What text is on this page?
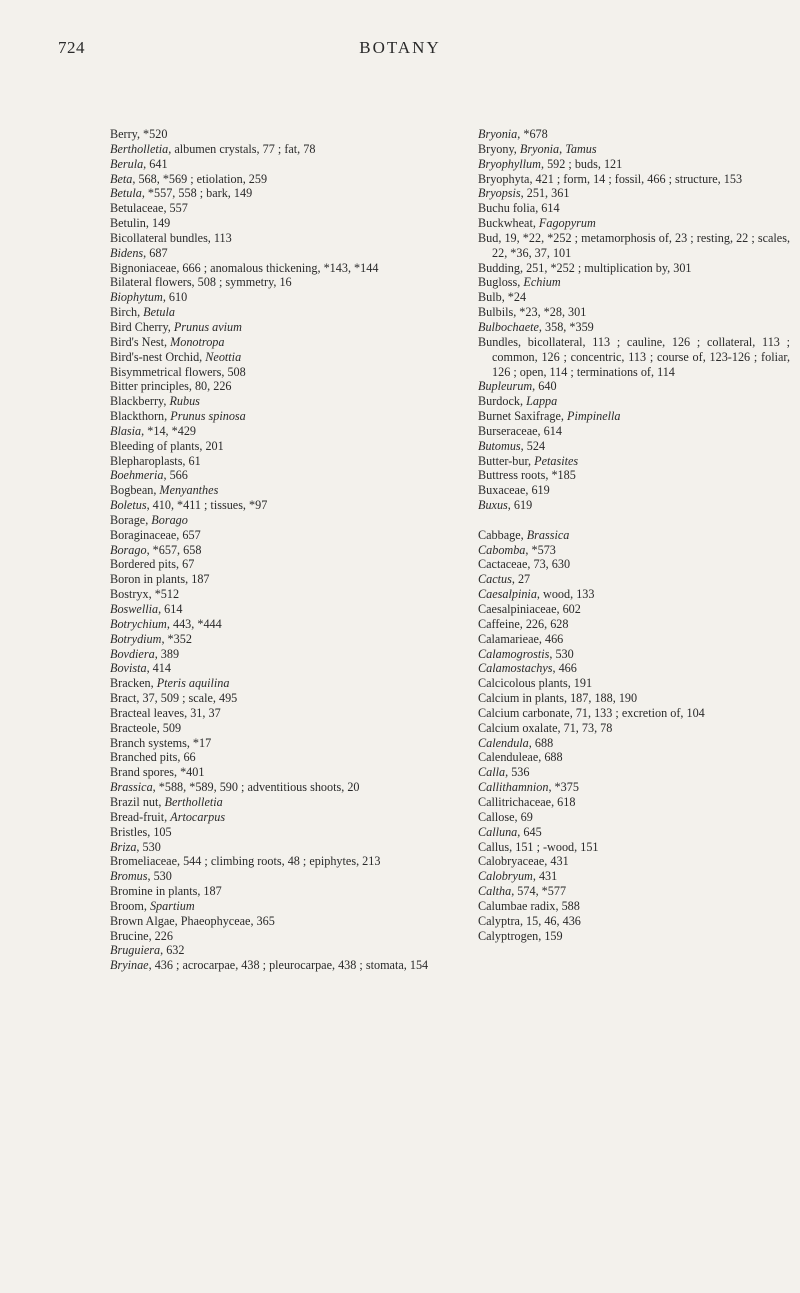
724	BOTANY
Berry, *520
Bertholletia, albumen crystals, 77 ; fat, 78
Berula, 641
Beta, 568, *569 ; etiolation, 259
Betula, *557, 558 ; bark, 149
Betulaceae, 557
Betulin, 149
Bicollateral bundles, 113
Bidens, 687
Bignoniaceae, 666 ; anomalous thickening, *143, *144
Bilateral flowers, 508 ; symmetry, 16
Biophytum, 610
Birch, Betula
Bird Cherry, Prunus avium
Bird's Nest, Monotropa
Bird's-nest Orchid, Neottia
Bisymmetrical flowers, 508
Bitter principles, 80, 226
Blackberry, Rubus
Blackthorn, Prunus spinosa
Blasia, *14, *429
Bleeding of plants, 201
Blepharoplasts, 61
Boehmeria, 566
Bogbean, Menyanthes
Boletus, 410, *411 ; tissues, *97
Borage, Borago
Boraginaceae, 657
Borago, *657, 658
Bordered pits, 67
Boron in plants, 187
Bostryx, *512
Boswellia, 614
Botrychium, 443, *444
Botrydium, *352
Bovdiera, 389
Bovista, 414
Bracken, Pteris aquilina
Bract, 37, 509 ; scale, 495
Bracteal leaves, 31, 37
Bracteole, 509
Branch systems, *17
Branched pits, 66
Brand spores, *401
Brassica, *588, *589, 590 ; adventitious shoots, 20
Brazil nut, Bertholletia
Bread-fruit, Artocarpus
Bristles, 105
Briza, 530
Bromeliaceae, 544 ; climbing roots, 48 ; epiphytes, 213
Bromus, 530
Bromine in plants, 187
Broom, Spartium
Brown Algae, Phaeophyceae, 365
Brucine, 226
Bruguiera, 632
Bryinae, 436 ; acrocarpae, 438 ; pleurocarpae, 438 ; stomata, 154
Bryonia, *678
Bryony, Bryonia, Tamus
Bryophyllum, 592 ; buds, 121
Bryophyta, 421 ; form, 14 ; fossil, 466 ; structure, 153
Bryopsis, 251, 361
Buchu folia, 614
Buckwheat, Fagopyrum
Bud, 19, *22, *252 ; metamorphosis of, 23 ; resting, 22 ; scales, 22, *36, 37, 101
Budding, 251, *252 ; multiplication by, 301
Bugloss, Echium
Bulb, *24
Bulbils, *23, *28, 301
Bulbochaete, 358, *359
Bundles, bicollateral, 113 ; cauline, 126 ; collateral, 113 ; common, 126 ; concentric, 113 ; course of, 123-126 ; foliar, 126 ; open, 114 ; terminations of, 114
Bupleurum, 640
Burdock, Lappa
Burnet Saxifrage, Pimpinella
Burseraceae, 614
Butomus, 524
Butter-bur, Petasites
Buttress roots, *185
Buxaceae, 619
Buxus, 619
Cabbage, Brassica
Cabomba, *573
Cactaceae, 73, 630
Cactus, 27
Caesalpinia, wood, 133
Caesalpiniaceae, 602
Caffeine, 226, 628
Calamarieae, 466
Calamogrostis, 530
Calamostachys, 466
Calcicolous plants, 191
Calcium in plants, 187, 188, 190
Calcium carbonate, 71, 133 ; excretion of, 104
Calcium oxalate, 71, 73, 78
Calendula, 688
Calenduleae, 688
Calla, 536
Callithamnion, *375
Callitrichaceae, 618
Callose, 69
Calluna, 645
Callus, 151 ; -wood, 151
Calobryaceae, 431
Calobryum, 431
Caltha, 574, *577
Calumbae radix, 588
Calyptra, 15, 46, 436
Calyptrogen, 159
